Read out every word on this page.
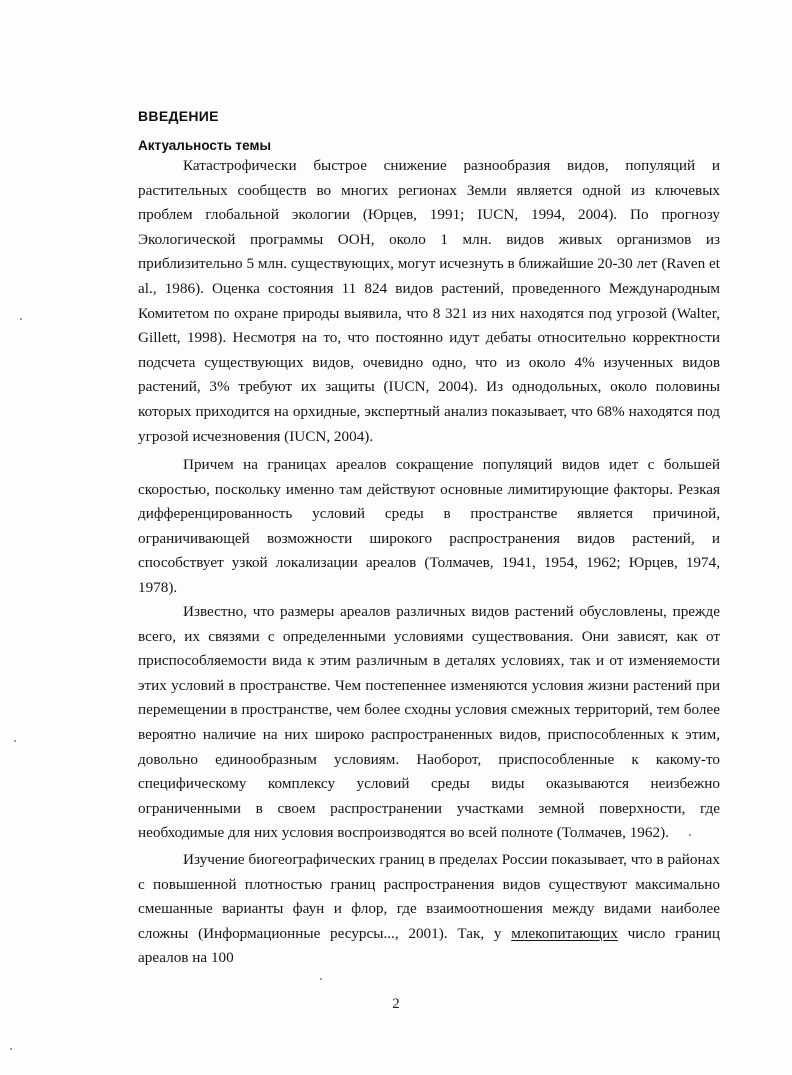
ВВЕДЕНИЕ
Актуальность темы

Катастрофически быстрое снижение разнообразия видов, популяций и растительных сообществ во многих регионах Земли является одной из ключевых проблем глобальной экологии (Юрцев, 1991; IUCN, 1994, 2004). По прогнозу Экологической программы ООН, около 1 млн. видов живых организмов из приблизительно 5 млн. существующих, могут исчезнуть в ближайшие 20-30 лет (Raven et al., 1986). Оценка состояния 11 824 видов растений, проведенного Международным Комитетом по охране природы выявила, что 8 321 из них находятся под угрозой (Walter, Gillett, 1998). Несмотря на то, что постоянно идут дебаты относительно корректности подсчета существующих видов, очевидно одно, что из около 4% изученных видов растений, 3% требуют их защиты (IUCN, 2004). Из однодольных, около половины которых приходится на орхидные, экспертный анализ показывает, что 68% находятся под угрозой исчезновения (IUCN, 2004).

Причем на границах ареалов сокращение популяций видов идет с большей скоростью, поскольку именно там действуют основные лимитирующие факторы. Резкая дифференцированность условий среды в пространстве является причиной, ограничивающей возможности широкого распространения видов растений, и способствует узкой локализации ареалов (Толмачев, 1941, 1954, 1962; Юрцев, 1974, 1978).

Известно, что размеры ареалов различных видов растений обусловлены, прежде всего, их связями с определенными условиями существования. Они зависят, как от приспособляемости вида к этим различным в деталях условиях, так и от изменяемости этих условий в пространстве. Чем постепеннее изменяются условия жизни растений при перемещении в пространстве, чем более сходны условия смежных территорий, тем более вероятно наличие на них широко распространенных видов, приспособленных к этим, довольно единообразным условиям. Наоборот, приспособленные к какому-то специфическому комплексу условий среды виды оказываются неизбежно ограниченными в своем распространении участками земной поверхности, где необходимые для них условия воспроизводятся во всей полноте (Толмачев, 1962).

Изучение биогеографических границ в пределах России показывает, что в районах с повышенной плотностью границ распространения видов существуют максимально смешанные варианты фаун и флор, где взаимоотношения между видами наиболее сложны (Информационные ресурсы..., 2001). Так, у млекопитающих число границ ареалов на 100

2
